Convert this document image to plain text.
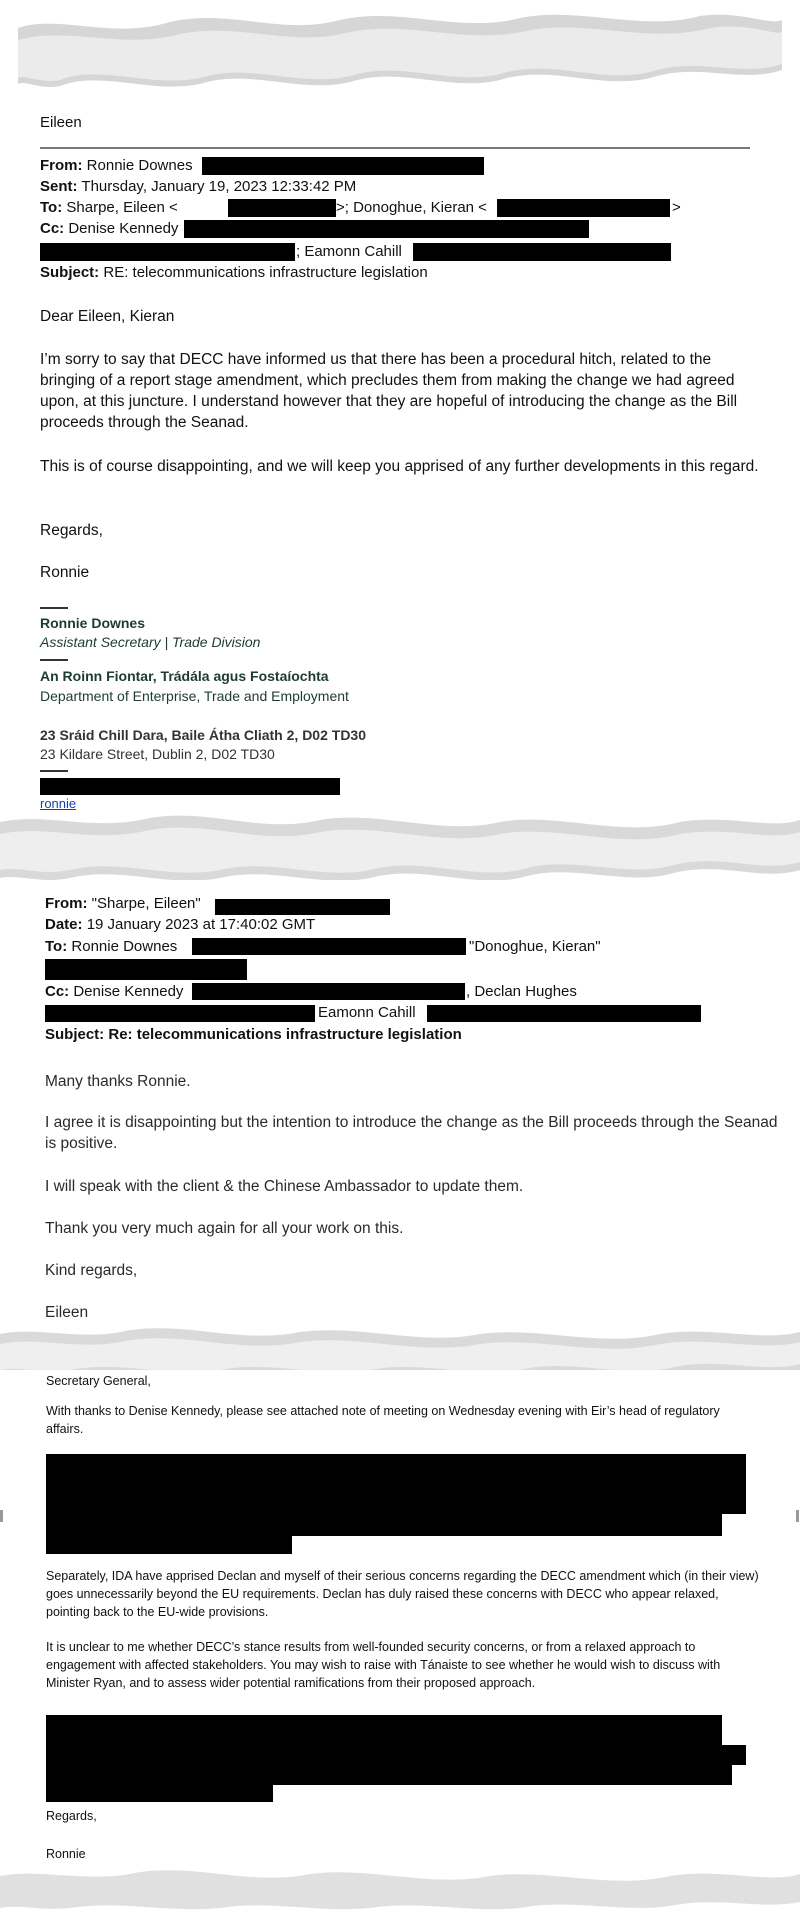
Eileen
From: Ronnie Downes
Sent: Thursday, January 19, 2023 12:33:42 PM
To: Sharpe, Eileen <	>; Donoghue, Kieran <	>
Cc: Denise Kennedy
; Eamonn Cahill
Subject: RE: telecommunications infrastructure legislation
Dear Eileen, Kieran
I’m sorry to say that DECC have informed us that there has been a procedural hitch, related to the bringing of a report stage amendment, which precludes them from making the change we had agreed upon, at this juncture. I understand however that they are hopeful of introducing the change as the Bill proceeds through the Seanad.
This is of course disappointing, and we will keep you apprised of any further developments in this regard.
Regards,
Ronnie
Ronnie Downes
Assistant Secretary | Trade Division
An Roinn Fiontar, Trádála agus Fostaíochta
Department of Enterprise, Trade and Employment
23 Sráid Chill Dara, Baile Átha Cliath 2, D02 TD30
23 Kildare Street, Dublin 2, D02 TD30
ronnie
From: "Sharpe, Eileen"
Date: 19 January 2023 at 17:40:02 GMT
To: Ronnie Downes	"Donoghue, Kieran"
Cc: Denise Kennedy	, Declan Hughes
Eamonn Cahill
Subject: Re: telecommunications infrastructure legislation
Many thanks Ronnie.
I agree it is disappointing but the intention to introduce the change as the Bill proceeds through the Seanad is positive.
I will speak with the client & the Chinese Ambassador to update them.
Thank you very much again for all your work on this.
Kind regards,
Eileen
Secretary General,
With thanks to Denise Kennedy, please see attached note of meeting on Wednesday evening with Eir’s head of regulatory affairs.
Separately, IDA have apprised Declan and myself of their serious concerns regarding the DECC amendment which (in their view) goes unnecessarily beyond the EU requirements. Declan has duly raised these concerns with DECC who appear relaxed, pointing back to the EU-wide provisions.
It is unclear to me whether DECC’s stance results from well-founded security concerns, or from a relaxed approach to engagement with affected stakeholders. You may wish to raise with Tánaiste to see whether he would wish to discuss with Minister Ryan, and to assess wider potential ramifications from their proposed approach.
Regards,
Ronnie
